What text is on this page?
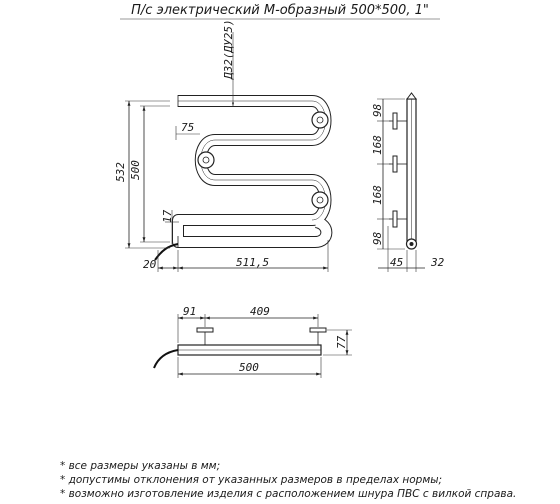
П/с электрический М-образный 500*500, 1"
Д32(ДУ25)
532 500
75
17
20	511,5
98
168
168
98
45	32
91	409
77
500
* все размеры указаны в мм;
* допустимы отклонения от указанных размеров в пределах нормы;
* возможно изготовление изделия с расположением шнура ПВС с вилкой справа.
